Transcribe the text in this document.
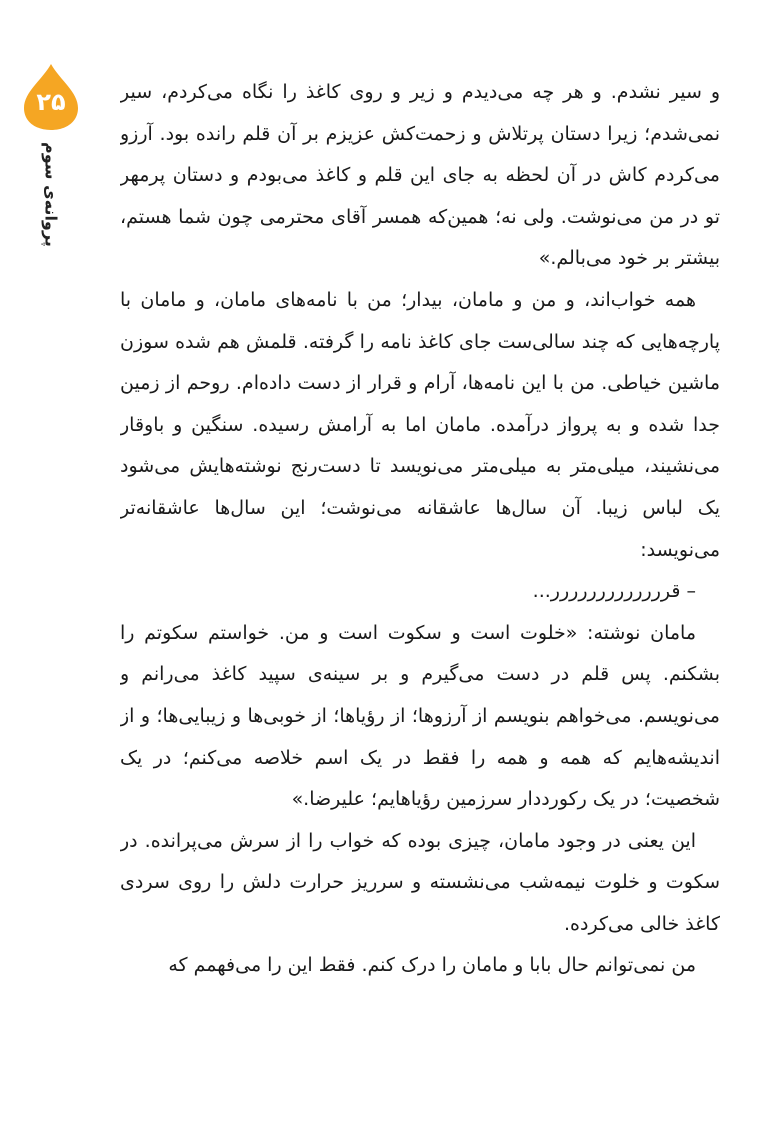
۲۵
پروانه‌ی سوم

و سیر نشدم. و هر چه می‌دیدم و زیر و روی کاغذ را نگاه می‌کردم، سیر نمی‌شدم؛ زیرا دستان پرتلاش و زحمت‌کش عزیزم بر آن قلم رانده بود. آرزو می‌کردم کاش در آن لحظه به جای این قلم و کاغذ می‌بودم و دستان پرمهر تو در من می‌نوشت. ولی نه؛ همین‌که همسر آقای محترمی چون شما هستم، بیشتر بر خود می‌بالم.»

همه خواب‌اند، و من و مامان، بیدار؛ من با نامه‌های مامان، و مامان با پارچه‌هایی که چند سالی‌ست جای کاغذ نامه را گرفته. قلمش هم شده سوزن ماشین خیاطی. من با این نامه‌ها، آرام و قرار از دست داده‌ام. روحم از زمین جدا شده و به پرواز درآمده. مامان اما به آرامش رسیده. سنگین و باوقار می‌نشیند، میلی‌متر به میلی‌متر می‌نویسد تا دست‌رنج نوشته‌هایش می‌شود یک لباس زیبا. آن سال‌ها عاشقانه می‌نوشت؛ این سال‌ها عاشقانه‌تر می‌نویسد:

– قررررررررررررر...

مامان نوشته: «خلوت است و سکوت است و من. خواستم سکوتم را بشکنم. پس قلم در دست می‌گیرم و بر سینه‌ی سپید کاغذ می‌رانم و می‌نویسم. می‌خواهم بنویسم از آرزوها؛ از رؤیاها؛ از خوبی‌ها و زیبایی‌ها؛ و از اندیشه‌هایم که همه و همه را فقط در یک اسم خلاصه می‌کنم؛ در یک شخصیت؛ در یک رکورددار سرزمین رؤیاهایم؛ علیرضا.»

این یعنی در وجود مامان، چیزی بوده که خواب را از سرش می‌پرانده. در سکوت و خلوت نیمه‌شب می‌نشسته و سرریز حرارت دلش را روی سردی کاغذ خالی می‌کرده.

من نمی‌توانم حال بابا و مامان را درک کنم. فقط این را می‌فهمم که
